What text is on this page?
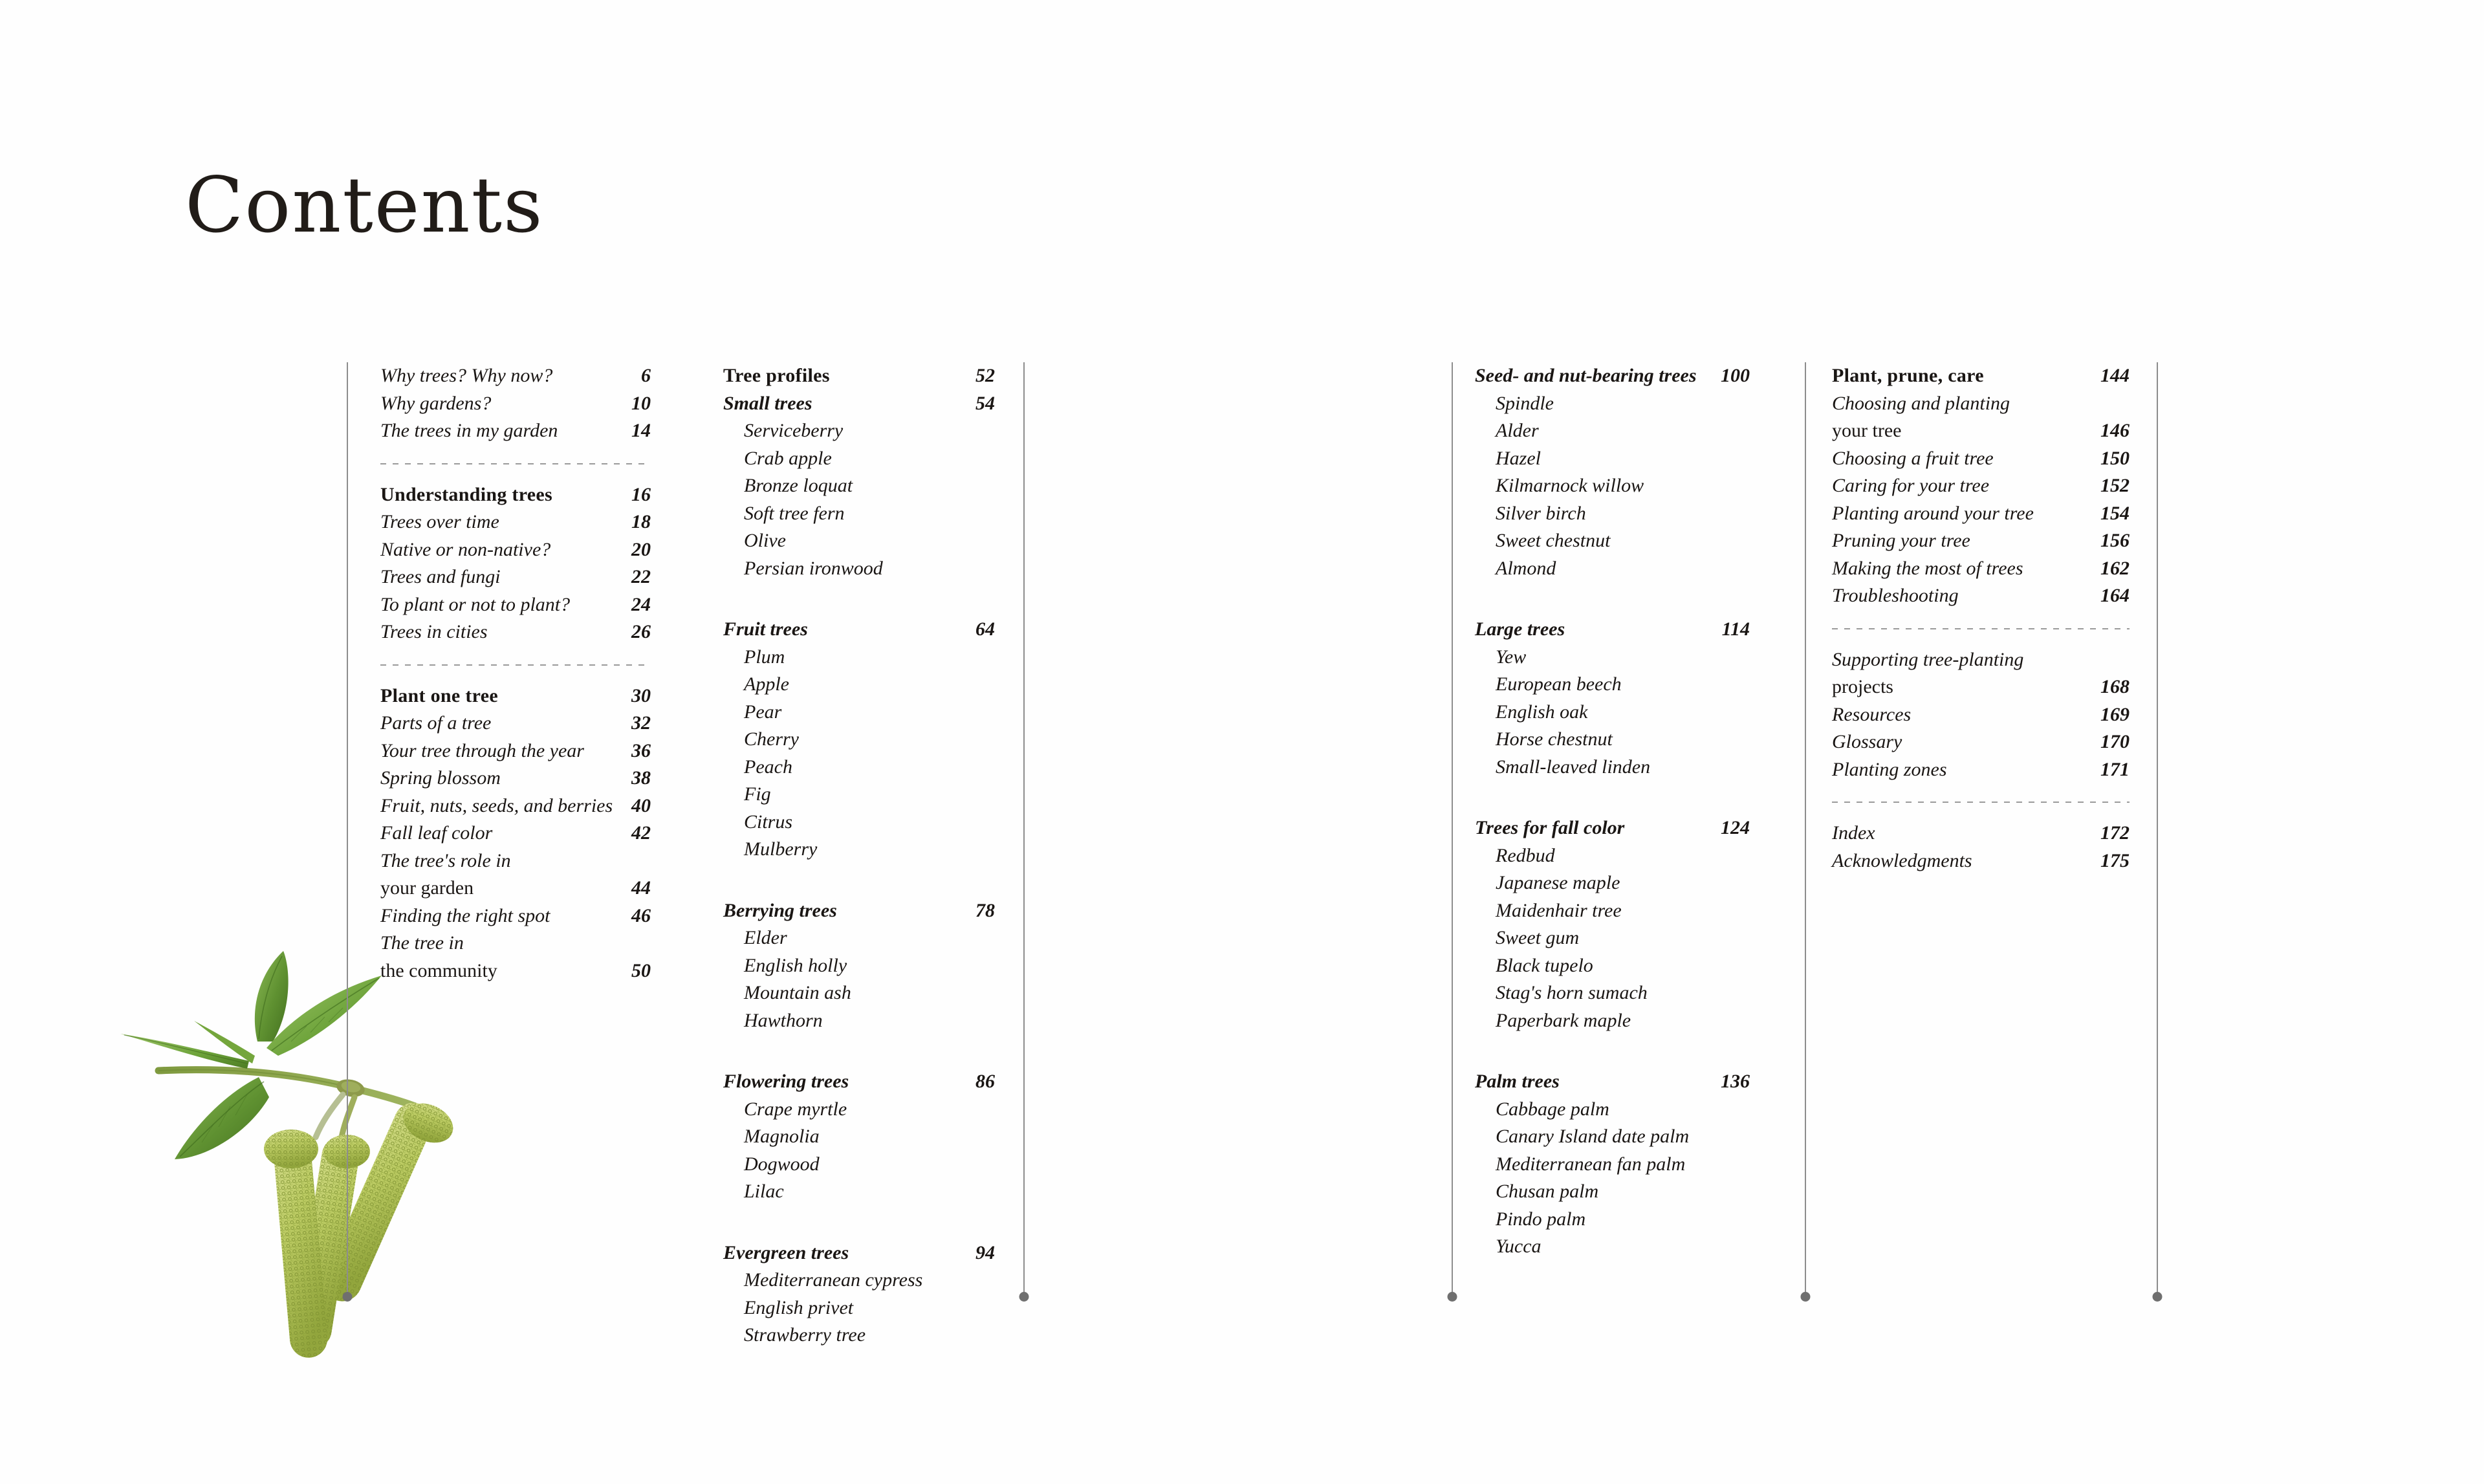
Contents
Why trees? Why now?	6
Why gardens?	10
The trees in my garden	14
Understanding trees	16
Trees over time	18
Native or non-native?	20
Trees and fungi	22
To plant or not to plant?	24
Trees in cities	26
Plant one tree	30
Parts of a tree	32
Your tree through the year	36
Spring blossom	38
Fruit, nuts, seeds, and berries 40
Fall leaf color	42
The tree's role in
your garden	44
Finding the right spot	46
The tree in
the community	50
Tree profiles	52
Small trees	54
Serviceberry
Crab apple
Bronze loquat
Soft tree fern
Olive
Persian ironwood
Fruit trees	64
Plum
Apple
Pear
Cherry
Peach
Fig
Citrus
Mulberry
Berrying trees	78
Elder
English holly
Mountain ash
Hawthorn
Flowering trees	86
Crape myrtle
Magnolia
Dogwood
Lilac
Evergreen trees	94
Mediterranean cypress
English privet
Strawberry tree
Seed- and nut-bearing trees	100
Spindle
Alder
Hazel
Kilmarnock willow
Silver birch
Sweet chestnut
Almond
Large trees	114
Yew
European beech
English oak
Horse chestnut
Small-leaved linden
Trees for fall color	124
Redbud
Japanese maple
Maidenhair tree
Sweet gum
Black tupelo
Stag's horn sumach
Paperbark maple
Palm trees	136
Cabbage palm
Canary Island date palm
Mediterranean fan palm
Chusan palm
Pindo palm
Yucca
Plant, prune, care	144
Choosing and planting
your tree	146
Choosing a fruit tree	150
Caring for your tree	152
Planting around your tree	154
Pruning your tree	156
Making the most of trees	162
Troubleshooting	164
Supporting tree-planting
projects	168
Resources	169
Glossary	170
Planting zones	171
Index	172
Acknowledgments	175
